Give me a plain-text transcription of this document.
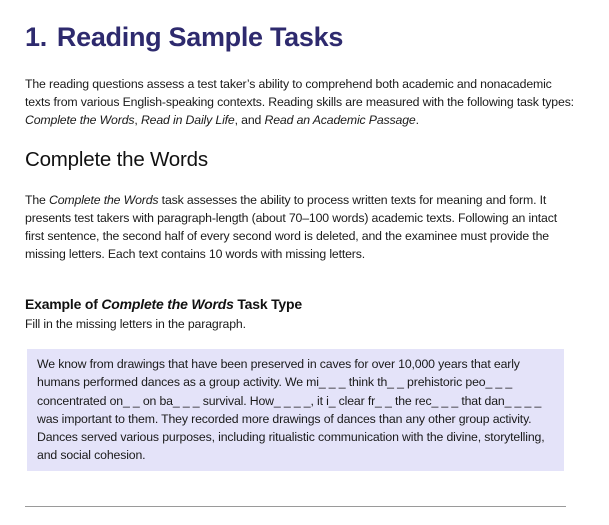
1. Reading Sample Tasks

The reading questions assess a test taker’s ability to comprehend both academic and nonacademic texts from various English-speaking contexts. Reading skills are measured with the following task types: Complete the Words, Read in Daily Life, and Read an Academic Passage.

Complete the Words

The Complete the Words task assesses the ability to process written texts for meaning and form. It presents test takers with paragraph-length (about 70–100 words) academic texts. Following an intact first sentence, the second half of every second word is deleted, and the examinee must provide the missing letters. Each text contains 10 words with missing letters.

Example of Complete the Words Task Type

Fill in the missing letters in the paragraph.

We know from drawings that have been preserved in caves for over 10,000 years that early humans performed dances as a group activity. We mi_ _ _ think th_ _ prehistoric peo_ _ _ concentrated on_ _ on ba_ _ _ survival. How_ _ _ _, it i_ clear fr_ _ the rec_ _ _ that dan_ _ _ _ was important to them. They recorded more drawings of dances than any other group activity. Dances served various purposes, including ritualistic communication with the divine, storytelling, and social cohesion.
